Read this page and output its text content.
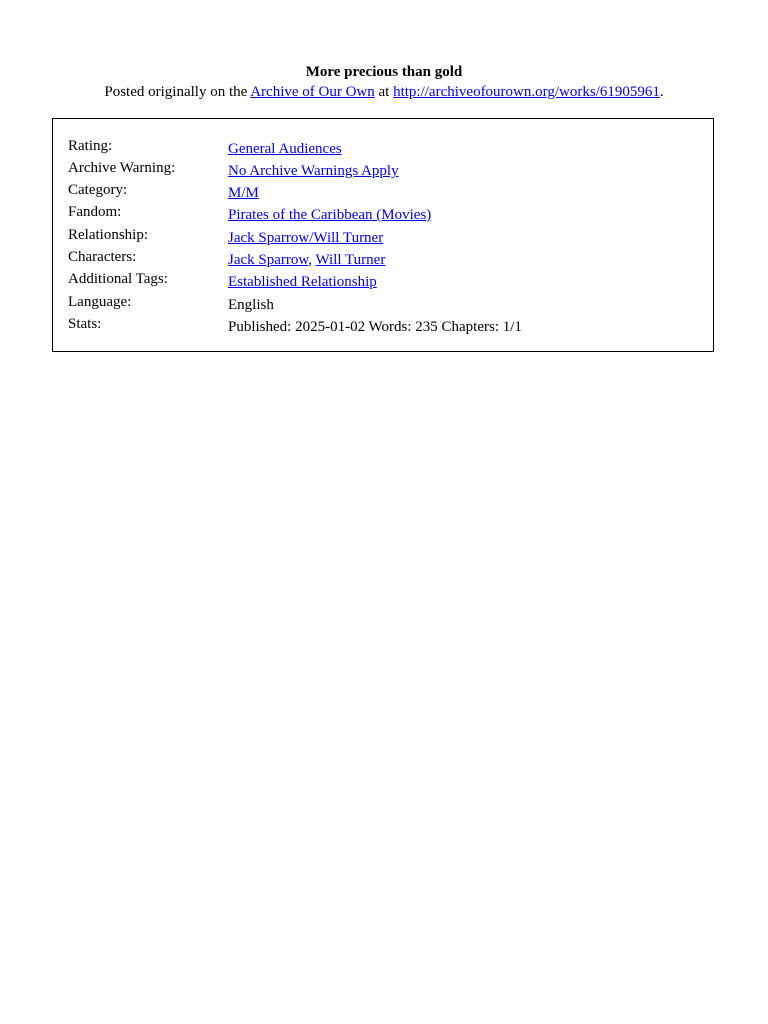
More precious than gold
Posted originally on the Archive of Our Own at http://archiveofourown.org/works/61905961.
Rating:	General Audiences
Archive Warning:	No Archive Warnings Apply
Category:	M/M
Fandom:	Pirates of the Caribbean (Movies)
Relationship:	Jack Sparrow/Will Turner
Characters:	Jack Sparrow, Will Turner
Additional Tags:	Established Relationship
Language:	English
Stats:	Published: 2025-01-02 Words: 235 Chapters: 1/1
